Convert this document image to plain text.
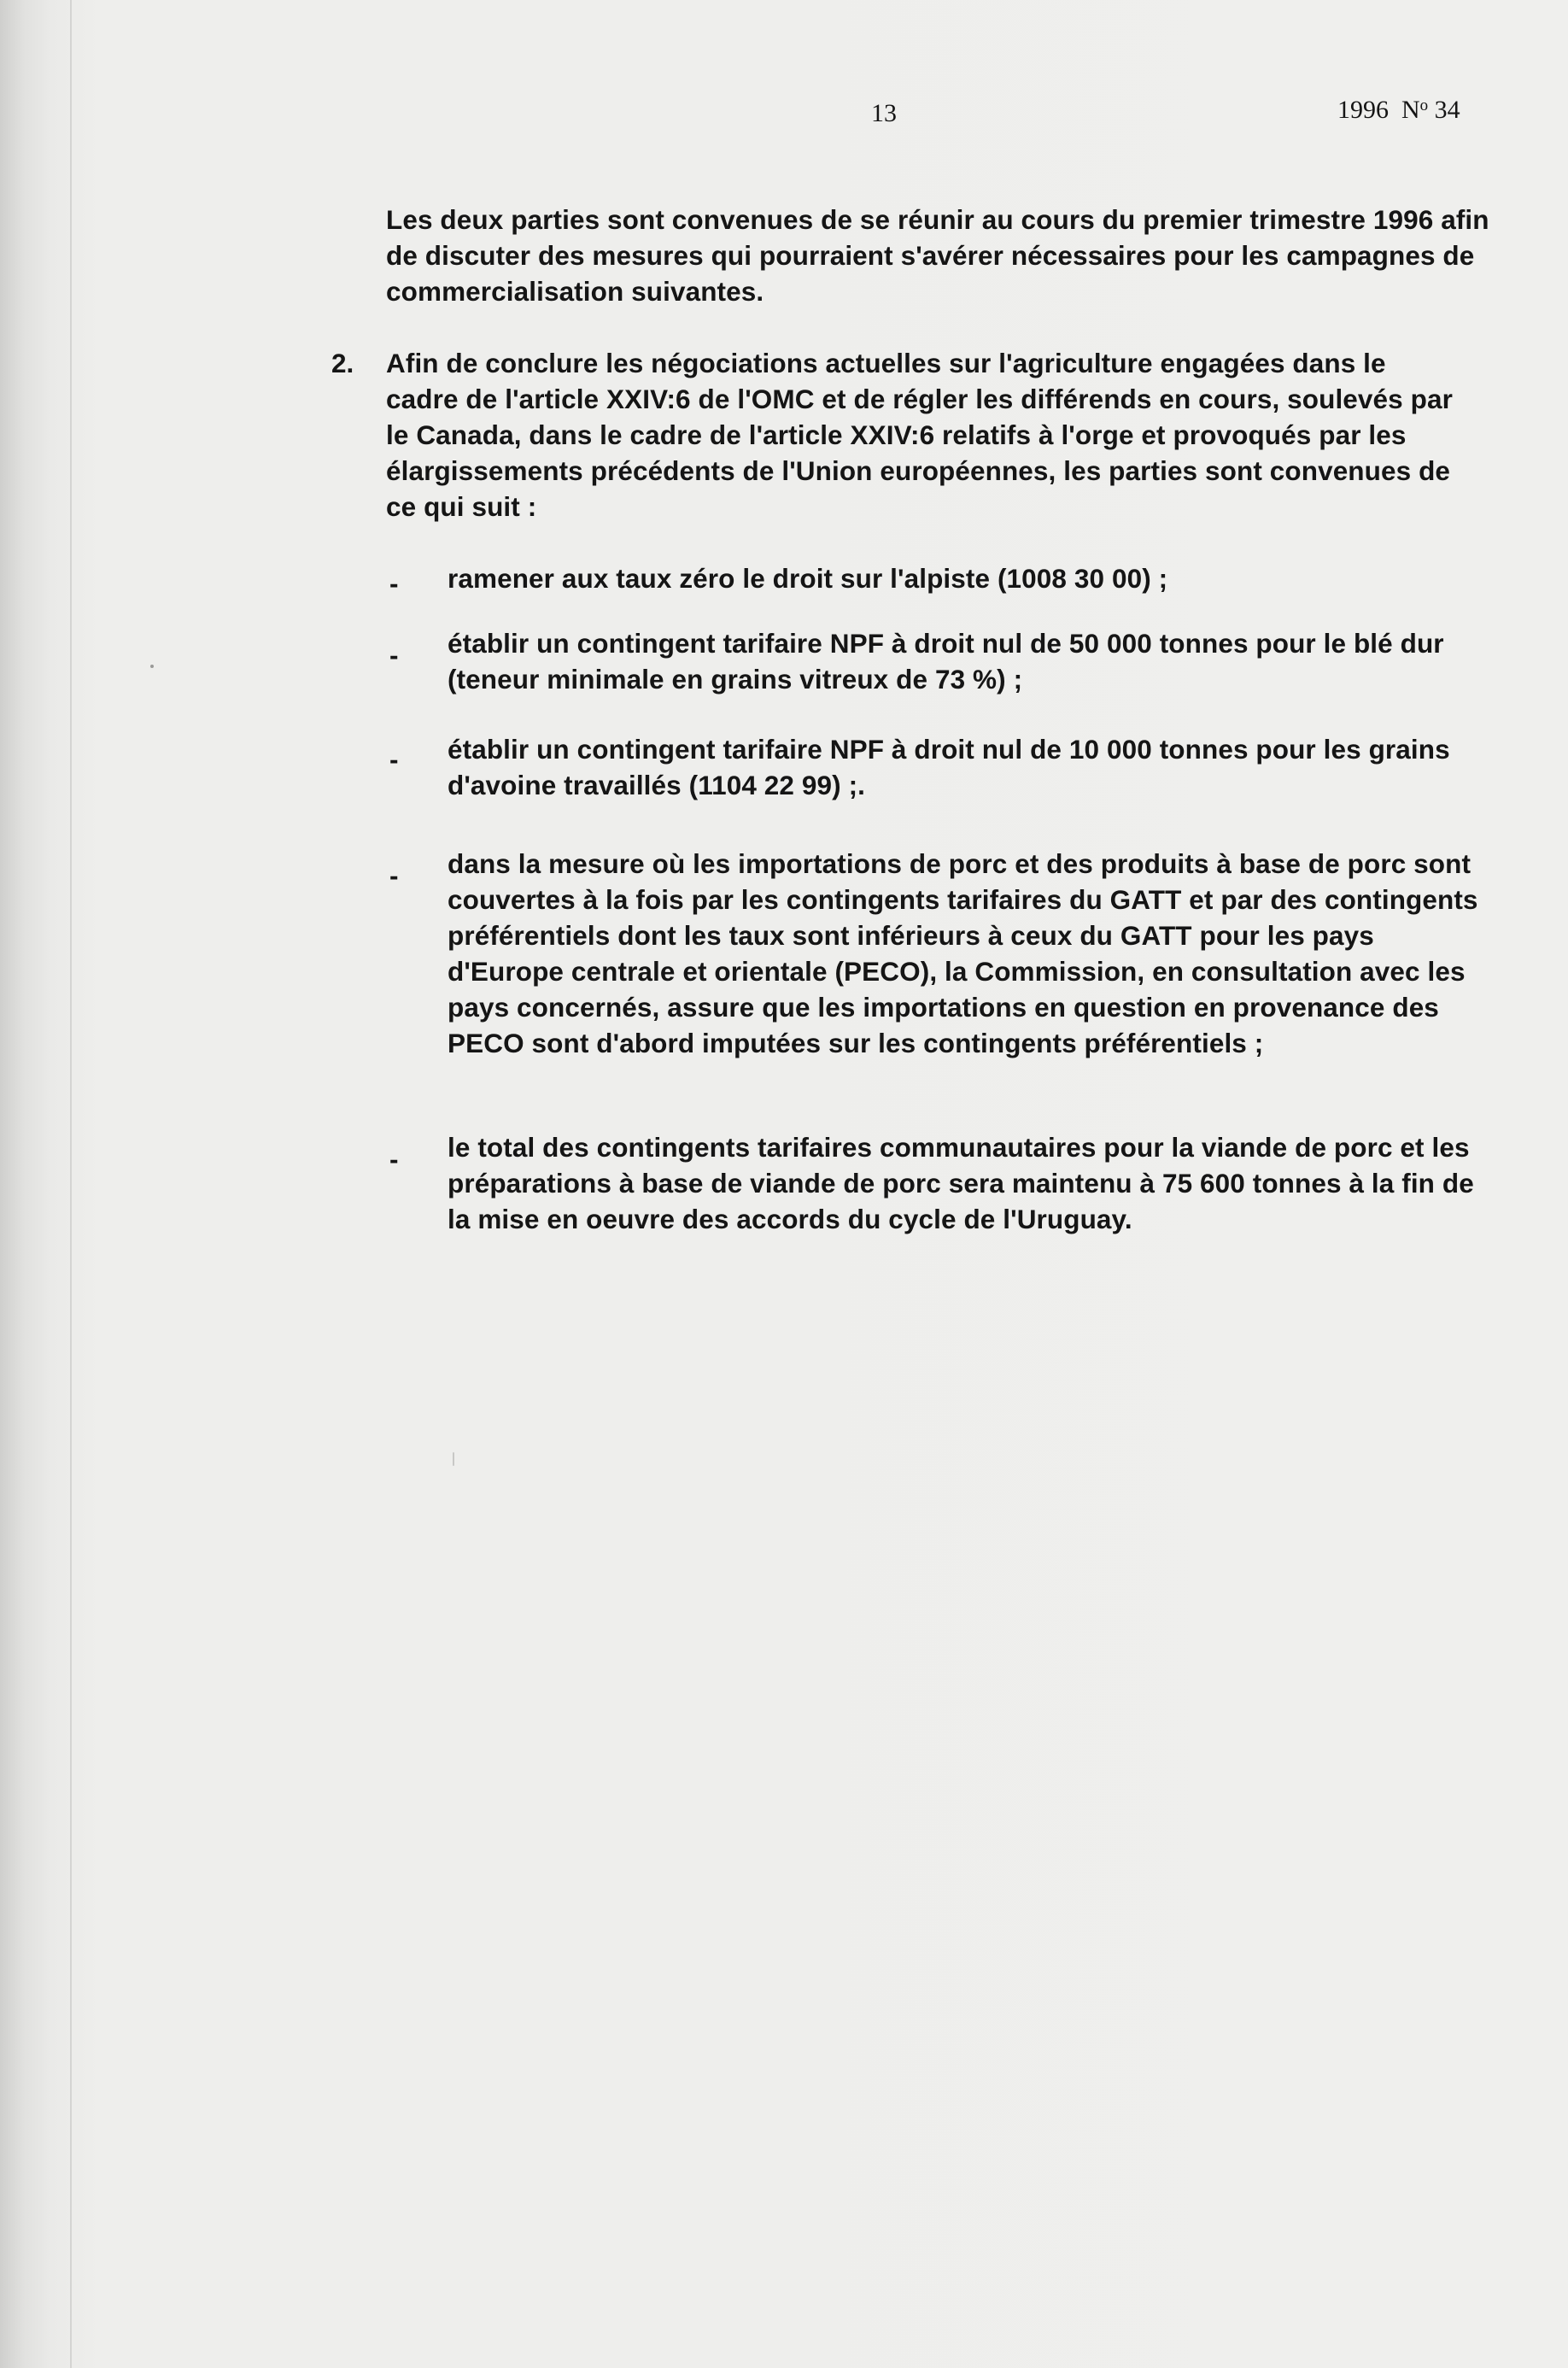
13	1996 $N^o$ 34
Les deux parties sont convenues de se réunir au cours du premier trimestre 1996 afin de discuter des mesures qui pourraient s'avérer nécessaires pour les campagnes de commercialisation suivantes.
2. Afin de conclure les négociations actuelles sur l'agriculture engagées dans le cadre de l'article XXIV:6 de l'OMC et de régler les différends en cours, soulevés par le Canada, dans le cadre de l'article XXIV:6 relatifs à l'orge et provoqués par les élargissements précédents de l'Union européennes, les parties sont convenues de ce qui suit :
- ramener aux taux zéro le droit sur l'alpiste (1008 30 00) ;
- établir un contingent tarifaire NPF à droit nul de 50 000 tonnes pour le blé dur (teneur minimale en grains vitreux de 73 %) ;
- établir un contingent tarifaire NPF à droit nul de 10 000 tonnes pour les grains d'avoine travaillés (1104 22 99) ;.
- dans la mesure où les importations de porc et des produits à base de porc sont couvertes à la fois par les contingents tarifaires du GATT et par des contingents préférentiels dont les taux sont inférieurs à ceux du GATT pour les pays d'Europe centrale et orientale (PECO), la Commission, en consultation avec les pays concernés, assure que les importations en question en provenance des PECO sont d'abord imputées sur les contingents préférentiels ;
- le total des contingents tarifaires communautaires pour la viande de porc et les préparations à base de viande de porc sera maintenu à 75 600 tonnes à la fin de la mise en oeuvre des accords du cycle de l'Uruguay.
